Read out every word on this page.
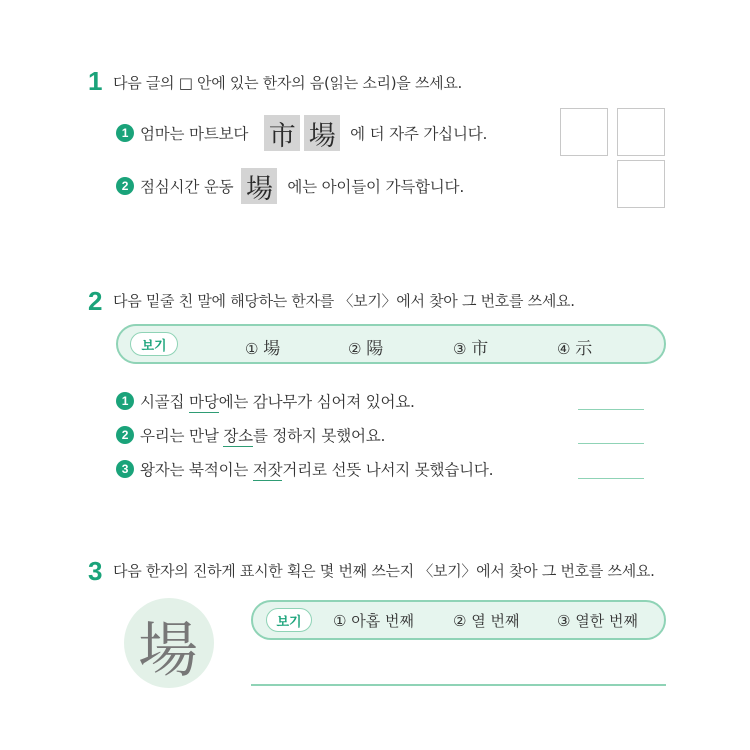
1 다음 글의 □ 안에 있는 한자의 음(읽는 소리)을 쓰세요.
1 엄마는 마트보다 市 場 에 더 자주 가십니다.
2 점심시간 운동 場 에는 아이들이 가득합니다.
2 다음 밑줄 친 말에 해당하는 한자를 〈보기〉에서 찾아 그 번호를 쓰세요.
보기	① 場	② 陽	③ 市	④ 示
1 시골집 마당 에는 감나무가 심어져 있어요.
2 우리는 만날 장소 를 정하지 못했어요.
3 왕자는 북적이는 저잣 거리로 선뜻 나서지 못했습니다.
3 다음 한자의 진하게 표시한 획은 몇 번째 쓰는지 〈보기〉에서 찾아 그 번호를 쓰세요.
場	보기	① 아홉 번째	② 열 번째	③ 열한 번째
